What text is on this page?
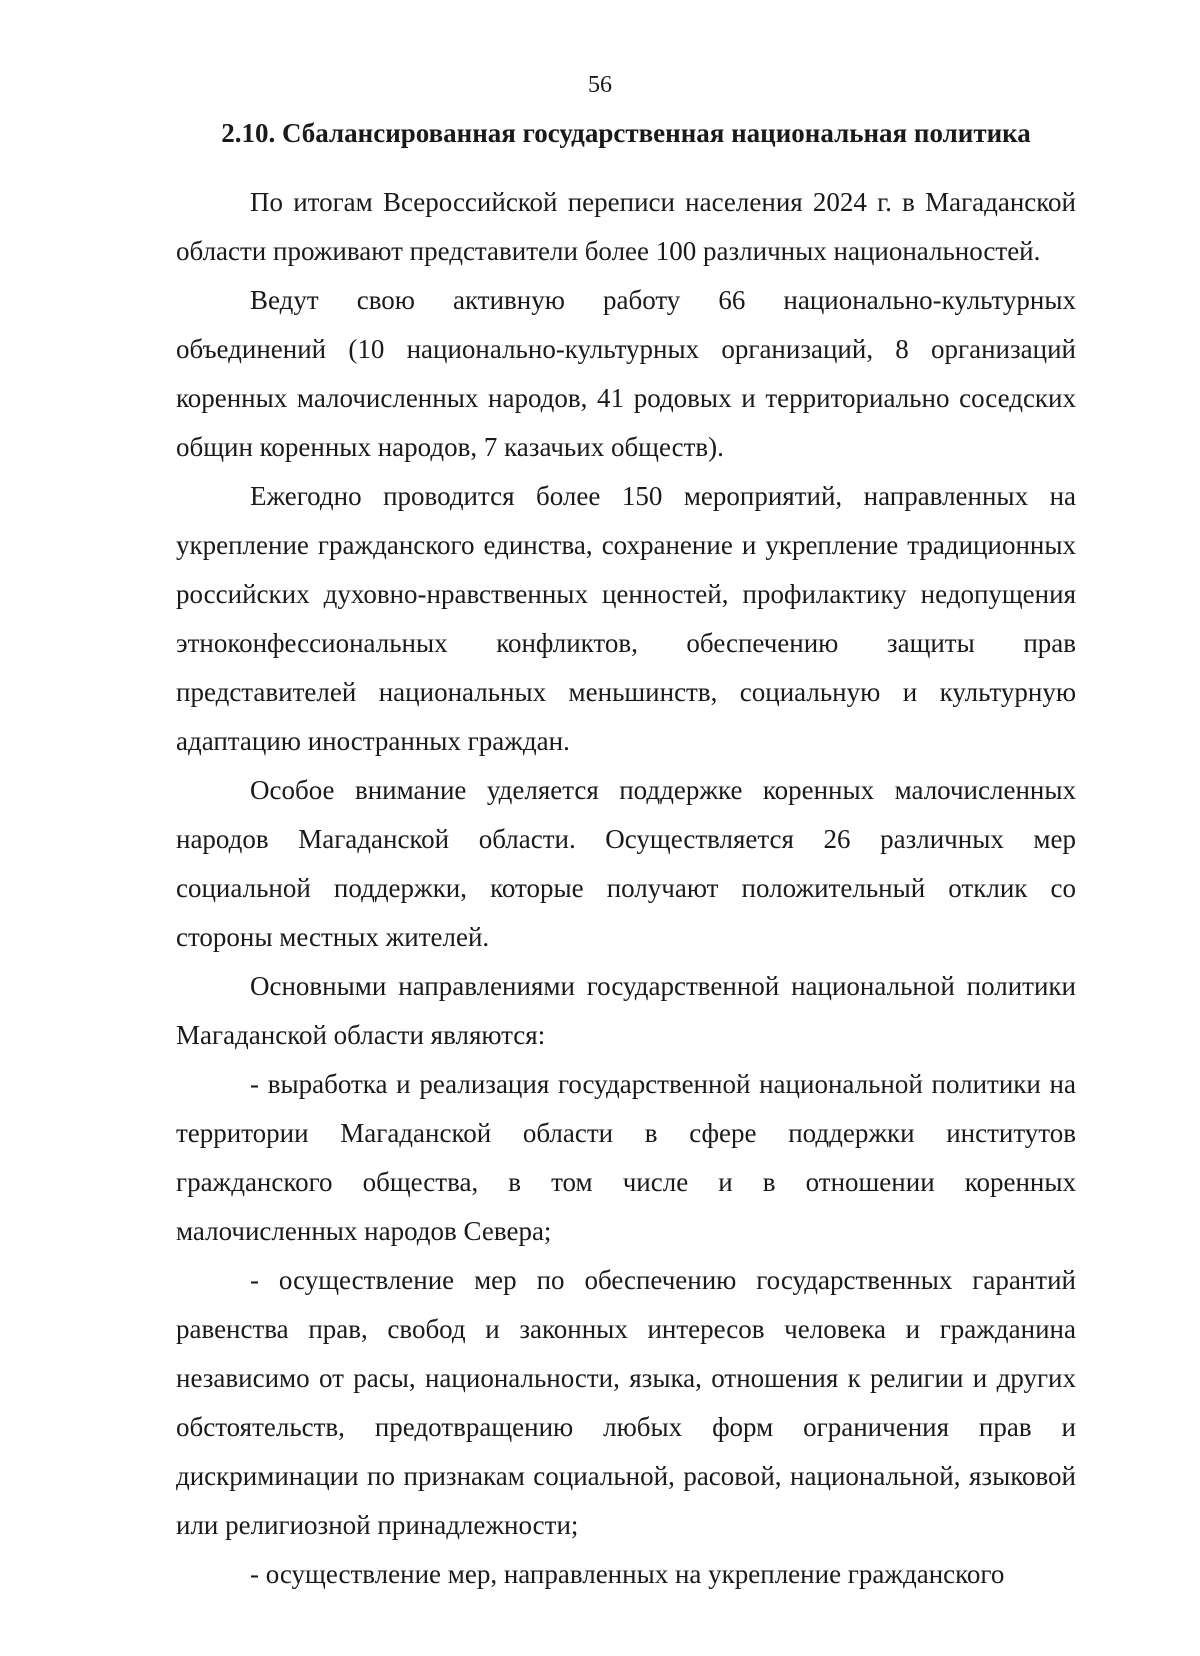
56
2.10. Сбалансированная государственная национальная политика

По итогам Всероссийской переписи населения 2024 г. в Магаданской области проживают представители более 100 различных национальностей.

Ведут свою активную работу 66 национально-культурных объединений (10 национально-культурных организаций, 8 организаций коренных малочисленных народов, 41 родовых и территориально соседских общин коренных народов, 7 казачьих обществ).

Ежегодно проводится более 150 мероприятий, направленных на укрепление гражданского единства, сохранение и укрепление традиционных российских духовно-нравственных ценностей, профилактику недопущения этноконфессиональных конфликтов, обеспечению защиты прав представителей национальных меньшинств, социальную и культурную адаптацию иностранных граждан.

Особое внимание уделяется поддержке коренных малочисленных народов Магаданской области. Осуществляется 26 различных мер социальной поддержки, которые получают положительный отклик со стороны местных жителей.

Основными направлениями государственной национальной политики Магаданской области являются:

- выработка и реализация государственной национальной политики на территории Магаданской области в сфере поддержки институтов гражданского общества, в том числе и в отношении коренных малочисленных народов Севера;

- осуществление мер по обеспечению государственных гарантий равенства прав, свобод и законных интересов человека и гражданина независимо от расы, национальности, языка, отношения к религии и других обстоятельств, предотвращению любых форм ограничения прав и дискриминации по признакам социальной, расовой, национальной, языковой или религиозной принадлежности;

- осуществление мер, направленных на укрепление гражданского
